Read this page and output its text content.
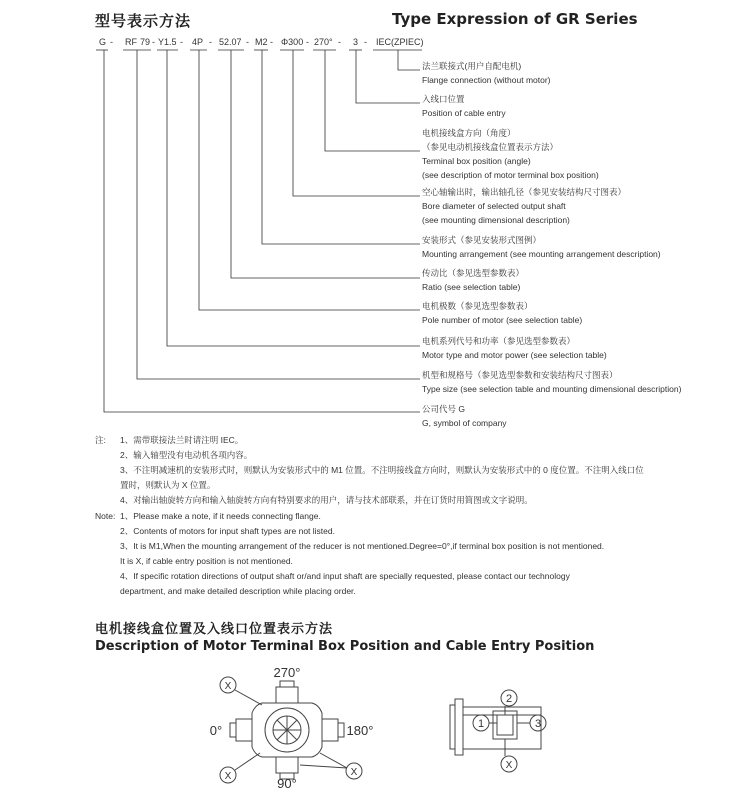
型号表示方法	Type Expression of GR Series
G - RF 79 - Y1.5 - 4P - 52.07 - M2 - Φ300 - 270° - 3 - IEC(ZPIEC)
法兰联接式(用户自配电机)
Flange connection (without motor)
入线口位置
Position of cable entry
电机接线盒方向（角度）
（参见电动机接线盒位置表示方法）
Terminal box position (angle)
(see description of motor terminal box position)
空心轴输出时，输出轴孔径（参见安装结构尺寸图表）
Bore diameter of selected output shaft
(see mounting dimensional description)
安装形式（参见安装形式图例）
Mounting arrangement (see mounting arrangement description)
传动比（参见选型参数表）
Ratio (see selection table)
电机极数（参见选型参数表）
Pole number of motor (see selection table)
电机系列代号和功率（参见选型参数表）
Motor type and motor power (see selection table)
机型和规格号（参见选型参数和安装结构尺寸图表）
Type size (see selection table and mounting dimensional description)
公司代号 G
G, symbol of company
注: 1、需带联接法兰时请注明 IEC。
2、输入轴型没有电动机各项内容。
3、不注明减速机的安装形式时，则默认为安装形式中的 M1 位置。不注明接线盒方向时，则默认为安装形式中的 0 度位置。不注明入线口位
置时，则默认为 X 位置。
4、对输出轴旋转方向和输入轴旋转方向有特别要求的用户，请与技术部联系，并在订货时用简图或文字说明。
Note: 1、Please make a note, if it needs connecting flange.
2、Contents of motors for input shaft types are not listed.
3、It is M1,When the mounting arrangement of the reducer is not mentioned.Degree=0°,if terminal box position is not mentioned.
It is X, if cable entry position is not mentioned.
4、If specific rotation directions of output shaft or/and input shaft are specially requested, please contact our technology
department, and make detailed description while placing order.
电机接线盒位置及入线口位置表示方法
Description of Motor Terminal Box Position and Cable Entry Position
270°
0°	180°
90°
X
X	X
2
1	3
X
